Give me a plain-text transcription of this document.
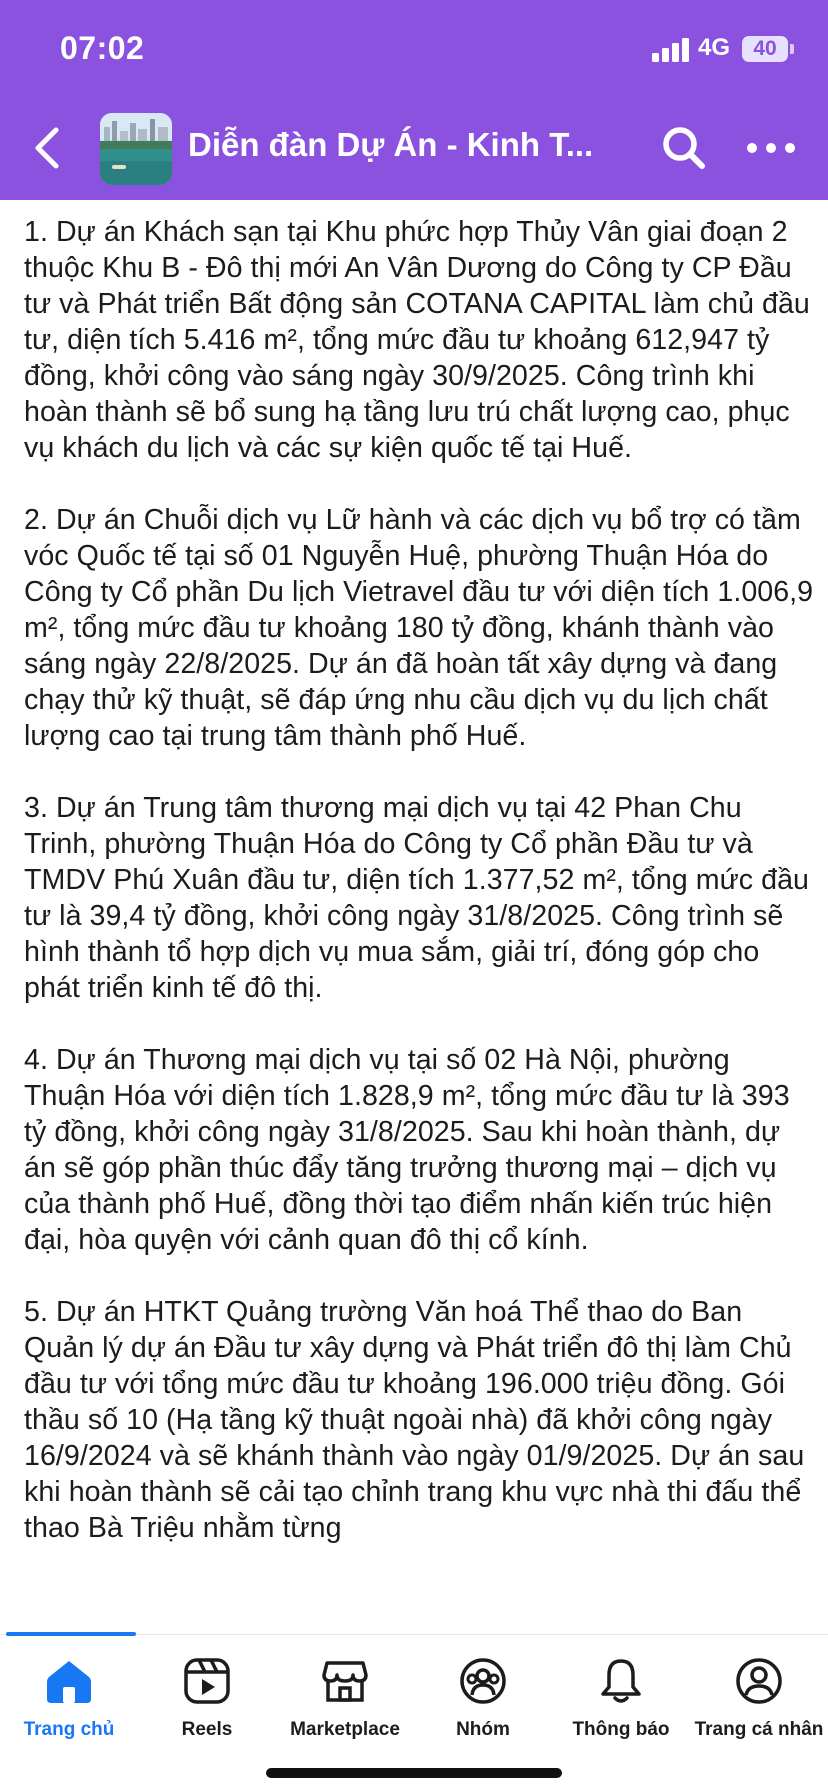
07:02	4G	40
Diễn đàn Dự Án - Kinh T...

1. Dự án Khách sạn tại Khu phức hợp Thủy Vân giai đoạn 2 thuộc Khu B - Đô thị mới An Vân Dương do Công ty CP Đầu tư và Phát triển Bất động sản COTANA CAPITAL làm chủ đầu tư, diện tích 5.416 m², tổng mức đầu tư khoảng 612,947 tỷ đồng, khởi công vào sáng ngày 30/9/2025. Công trình khi hoàn thành sẽ bổ sung hạ tầng lưu trú chất lượng cao, phục vụ khách du lịch và các sự kiện quốc tế tại Huế.

2. Dự án Chuỗi dịch vụ Lữ hành và các dịch vụ bổ trợ có tầm vóc Quốc tế tại số 01 Nguyễn Huệ, phường Thuận Hóa do Công ty Cổ phần Du lịch Vietravel đầu tư với diện tích 1.006,9 m², tổng mức đầu tư khoảng 180 tỷ đồng, khánh thành vào sáng ngày 22/8/2025. Dự án đã hoàn tất xây dựng và đang chạy thử kỹ thuật, sẽ đáp ứng nhu cầu dịch vụ du lịch chất lượng cao tại trung tâm thành phố Huế.

3. Dự án Trung tâm thương mại dịch vụ tại 42 Phan Chu Trinh, phường Thuận Hóa do Công ty Cổ phần Đầu tư và TMDV Phú Xuân đầu tư, diện tích 1.377,52 m², tổng mức đầu tư là 39,4 tỷ đồng, khởi công ngày 31/8/2025. Công trình sẽ hình thành tổ hợp dịch vụ mua sắm, giải trí, đóng góp cho phát triển kinh tế đô thị.

4. Dự án Thương mại dịch vụ tại số 02 Hà Nội, phường Thuận Hóa với diện tích 1.828,9 m², tổng mức đầu tư là 393 tỷ đồng, khởi công ngày 31/8/2025. Sau khi hoàn thành, dự án sẽ góp phần thúc đẩy tăng trưởng thương mại – dịch vụ của thành phố Huế, đồng thời tạo điểm nhấn kiến trúc hiện đại, hòa quyện với cảnh quan đô thị cổ kính.

5. Dự án HTKT Quảng trường Văn hoá Thể thao do Ban Quản lý dự án Đầu tư xây dựng và Phát triển đô thị làm Chủ đầu tư với tổng mức đầu tư khoảng 196.000 triệu đồng. Gói thầu số 10 (Hạ tầng kỹ thuật ngoài nhà) đã khởi công ngày 16/9/2024 và sẽ khánh thành vào ngày 01/9/2025. Dự án sau khi hoàn thành sẽ cải tạo chỉnh trang khu vực nhà thi đấu thể thao Bà Triệu nhằm từng

Trang chủ	Reels	Marketplace	Nhóm	Thông báo	Trang cá nhân
